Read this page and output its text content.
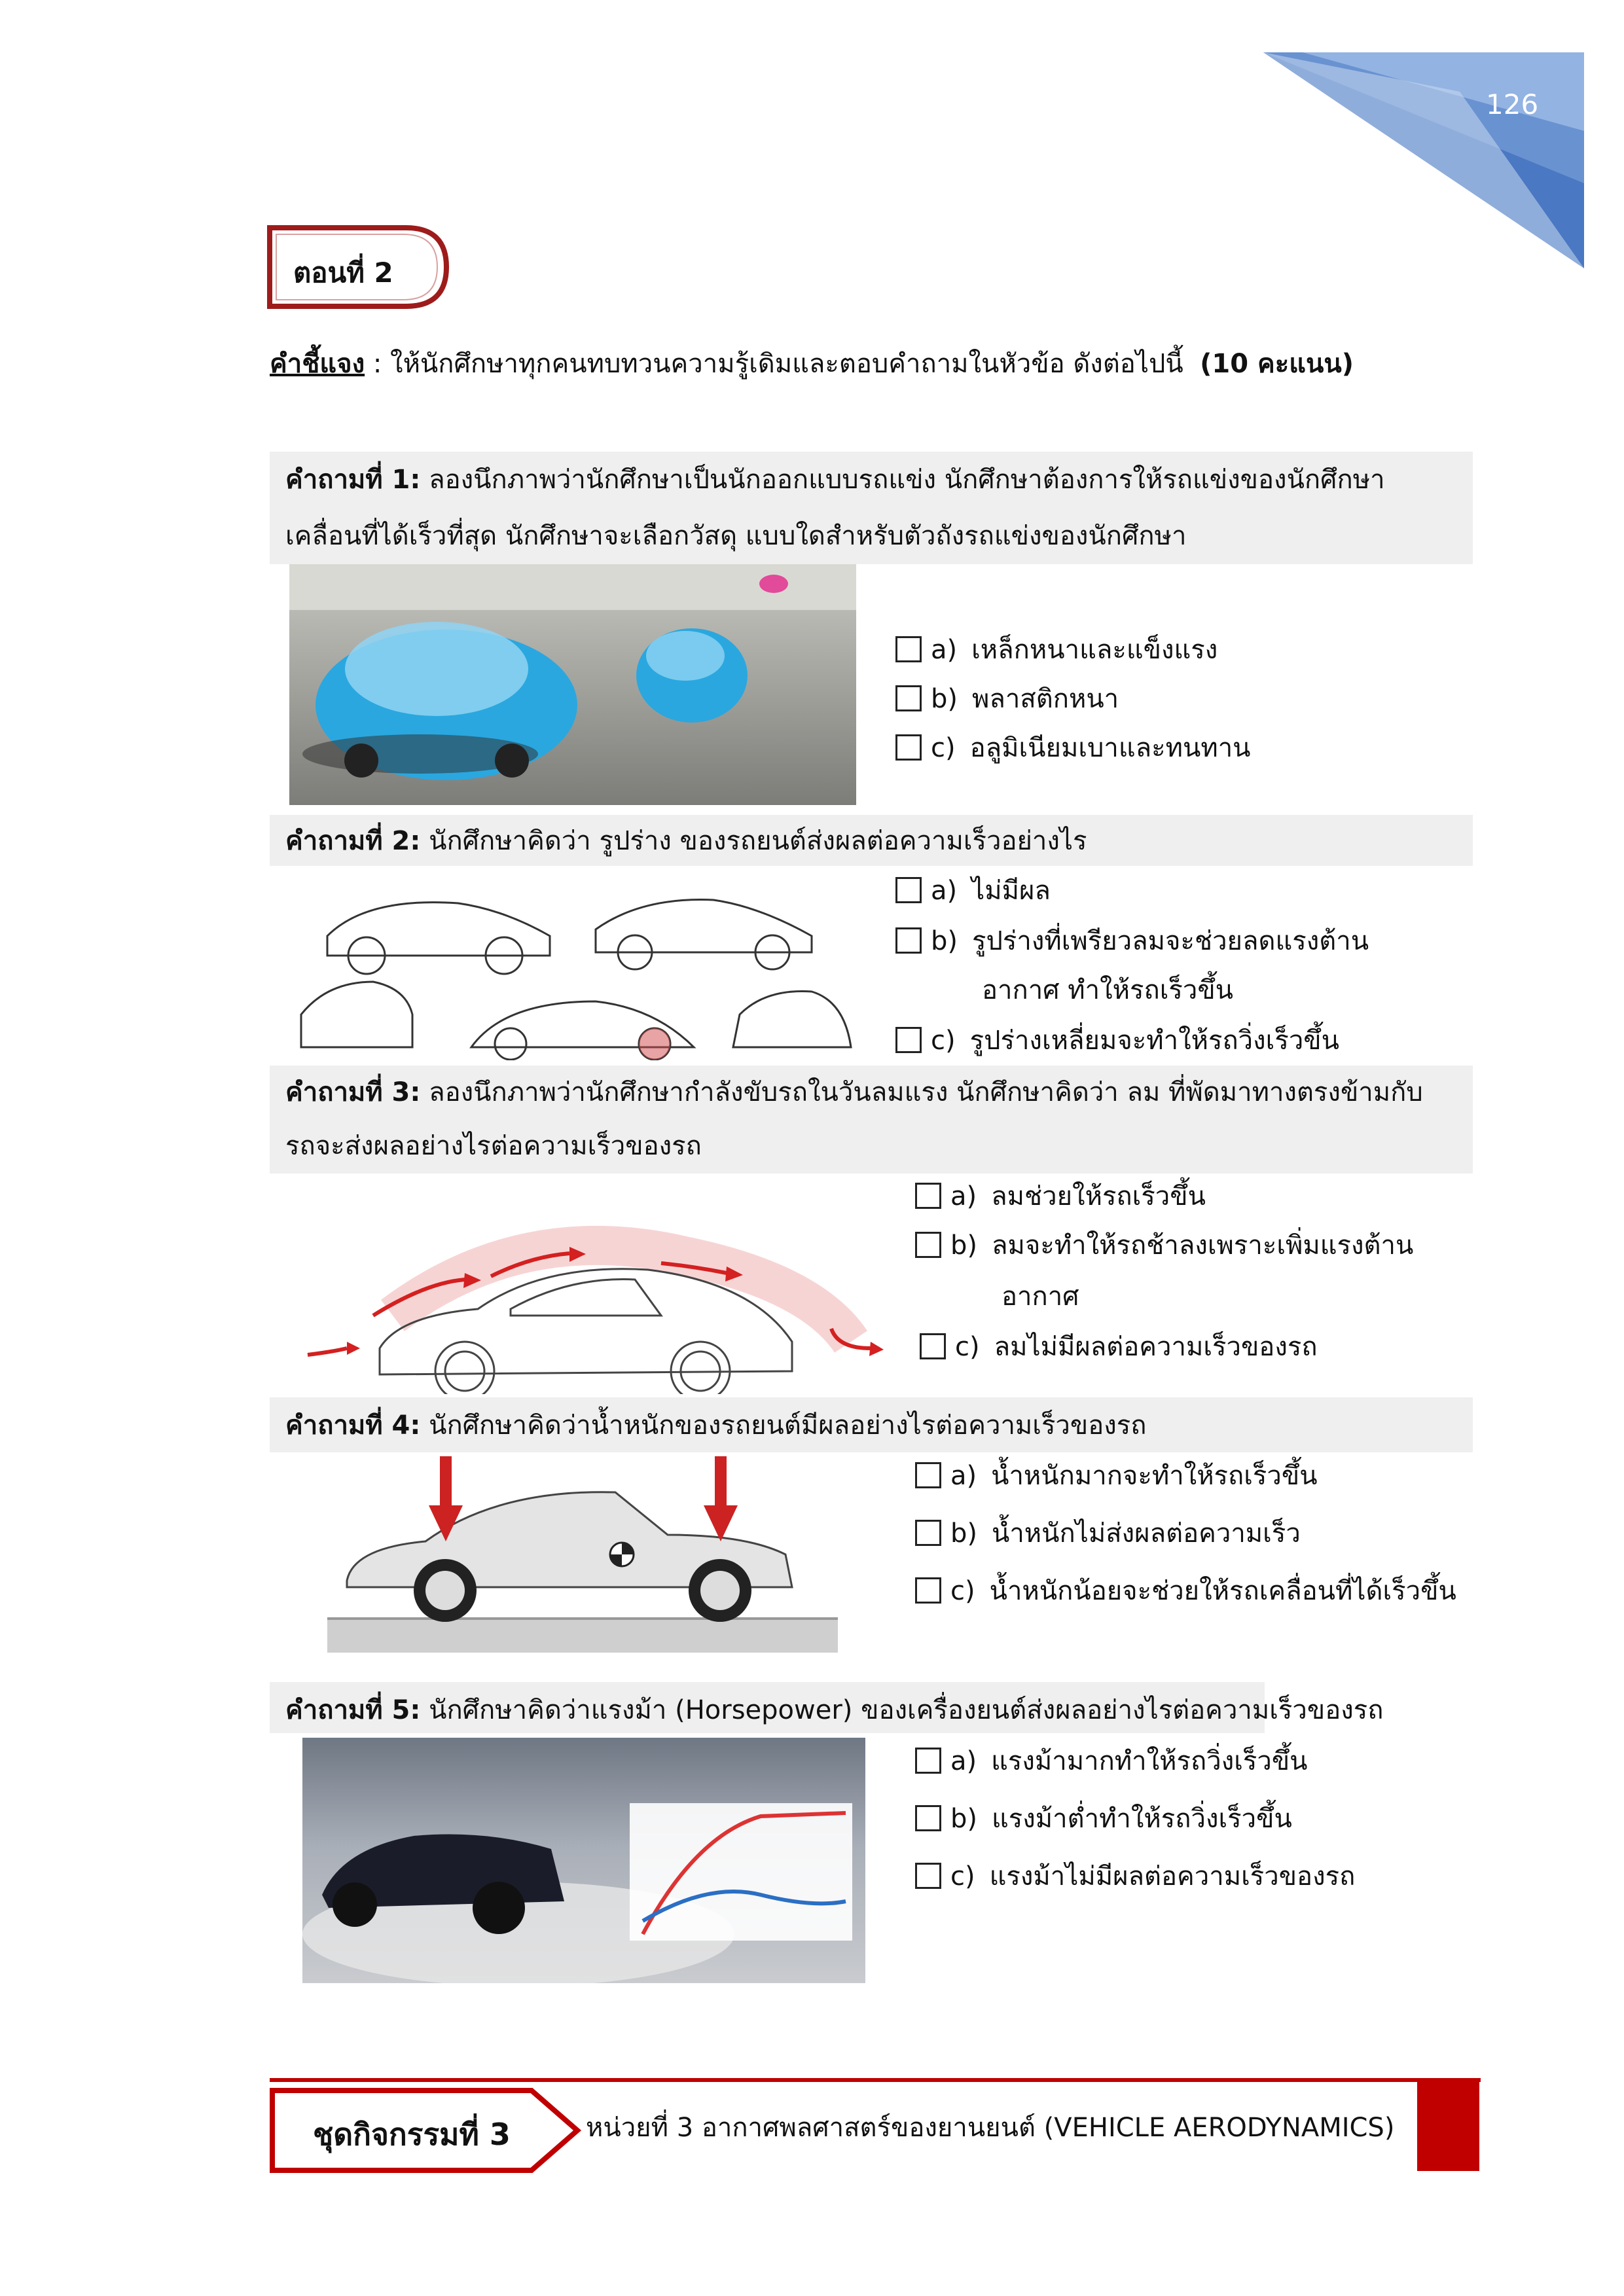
126
ตอนที่ 2
คำชี้แจง : ให้นักศึกษาทุกคนทบทวนความรู้เดิมและตอบคำถามในหัวข้อ ดังต่อไปนี้ (10 คะแนน)
คำถามที่ 1: ลองนึกภาพว่านักศึกษาเป็นนักออกแบบรถแข่ง นักศึกษาต้องการให้รถแข่งของนักศึกษา
เคลื่อนที่ได้เร็วที่สุด นักศึกษาจะเลือกวัสดุ แบบใดสำหรับตัวถังรถแข่งของนักศึกษา
a) เหล็กหนาและแข็งแรง
b) พลาสติกหนา
c) อลูมิเนียมเบาและทนทาน
คำถามที่ 2: นักศึกษาคิดว่า รูปร่าง ของรถยนต์ส่งผลต่อความเร็วอย่างไร
a) ไม่มีผล
b) รูปร่างที่เพรียวลมจะช่วยลดแรงต้าน
อากาศ ทำให้รถเร็วขึ้น
c) รูปร่างเหลี่ยมจะทำให้รถวิ่งเร็วขึ้น
คำถามที่ 3: ลองนึกภาพว่านักศึกษากำลังขับรถในวันลมแรง นักศึกษาคิดว่า ลม ที่พัดมาทางตรงข้ามกับ
รถจะส่งผลอย่างไรต่อความเร็วของรถ
a) ลมช่วยให้รถเร็วขึ้น
b) ลมจะทำให้รถช้าลงเพราะเพิ่มแรงต้าน
อากาศ
c) ลมไม่มีผลต่อความเร็วของรถ
คำถามที่ 4: นักศึกษาคิดว่าน้ำหนักของรถยนต์มีผลอย่างไรต่อความเร็วของรถ
a) น้ำหนักมากจะทำให้รถเร็วขึ้น
b) น้ำหนักไม่ส่งผลต่อความเร็ว
c) น้ำหนักน้อยจะช่วยให้รถเคลื่อนที่ได้เร็วขึ้น
คำถามที่ 5: นักศึกษาคิดว่าแรงม้า (Horsepower) ของเครื่องยนต์ส่งผลอย่างไรต่อความเร็วของรถ
a) แรงม้ามากทำให้รถวิ่งเร็วขึ้น
b) แรงม้าต่ำทำให้รถวิ่งเร็วขึ้น
c) แรงม้าไม่มีผลต่อความเร็วของรถ
ชุดกิจกรรมที่ 3	หน่วยที่ 3 อากาศพลศาสตร์ของยานยนต์ (VEHICLE AERODYNAMICS)
